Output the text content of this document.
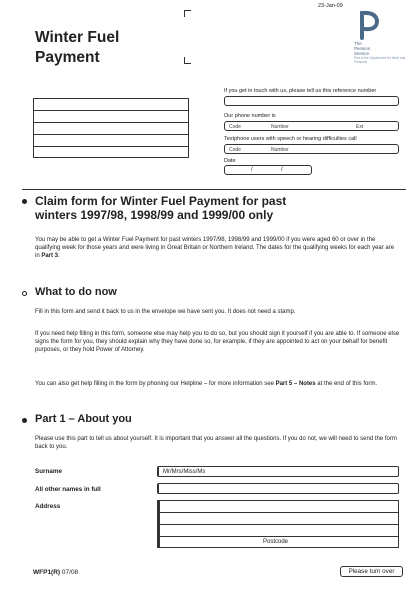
23-Jan-09
Winter Fuel
Payment
The
Pension
Service
Part of the Department for Work and Pensions
If you get in touch with us, please tell us this reference number
Our phone number is
Code	Number	Ext
Textphone users with speech or hearing difficulties call
Code	Number
Date
/	/
Claim form for Winter Fuel Payment for past
winters 1997/98, 1998/99 and 1999/00 only
You may be able to get a Winter Fuel Payment for past winters 1997/98, 1998/99 and 1999/00 if you were aged 60 or over in the qualifying week for those years and were living in Great Britain or Northern Ireland. The dates for the qualifying weeks for each year are in Part 3.
What to do now
Fill in this form and send it back to us in the envelope we have sent you. It does not need a stamp.
If you need help filling in this form, someone else may help you to do so, but you should sign it yourself if you are able to. If someone else signs the form for you, they should explain why they have done so, for example, if they are appointed to act on your behalf for benefit purposes, or they hold Power of Attorney.
You can also get help filling in the form by phoning our Helpline – for more information see Part 5 – Notes at the end of this form.
Part 1 – About you
Please use this part to tell us about yourself. It is important that you answer all the questions. If you do not, we will need to send the form back to you.
Surname	Mr/Mrs/Miss/Ms
All other names in full
Address
Postcode
WFP1(R) 07/08	Please turn over
